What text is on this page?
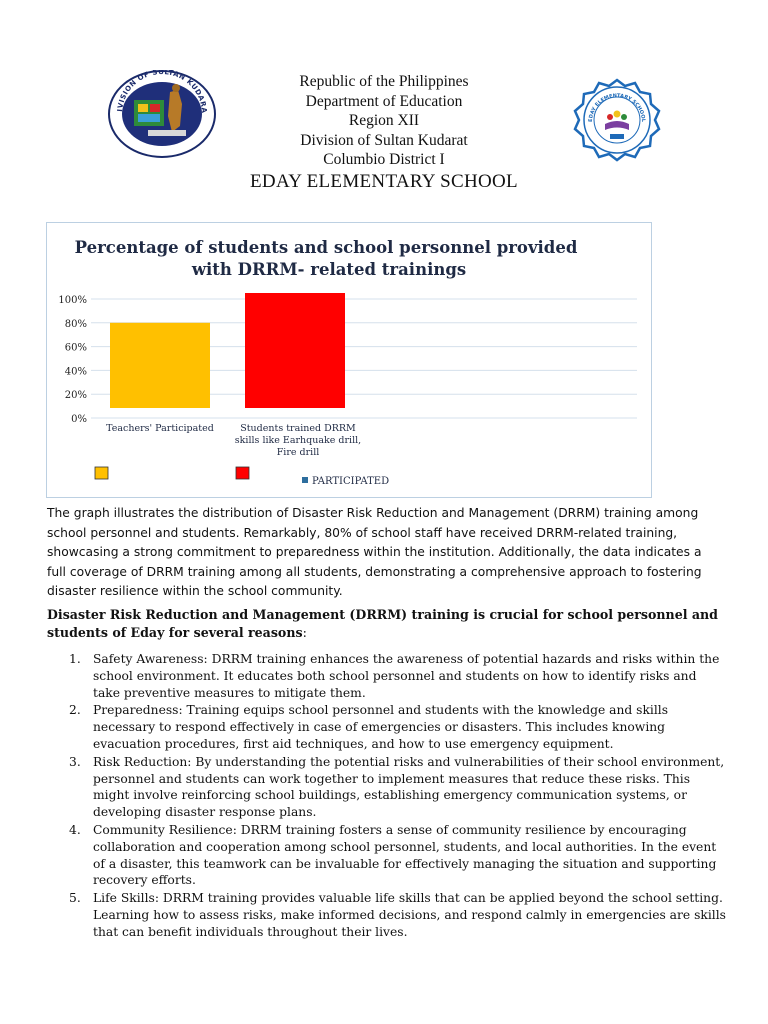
IVISION OF SULTAN KUDARA
EDAY ELEMENTARY SCHOOL
Republic of the Philippines
Department of Education
Region XII
Division of Sultan Kudarat
Columbio District I
EDAY ELEMENTARY SCHOOL
Percentage of students and school personnel provided
with DRRM- related trainings
0%
20%
40%
60%
80%
100%
Teachers' Participated	Students trained DRRM
skills like Earhquake drill,
Fire drill
PARTICIPATED

The graph illustrates the distribution of Disaster Risk Reduction and Management (DRRM) training among school personnel and students. Remarkably, 80% of school staff have received DRRM-related training, showcasing a strong commitment to preparedness within the institution. Additionally, the data indicates a full coverage of DRRM training among all students, demonstrating a comprehensive approach to fostering disaster resilience within the school community.

Disaster Risk Reduction and Management (DRRM) training is crucial for school personnel and students of Eday for several reasons:

1. Safety Awareness: DRRM training enhances the awareness of potential hazards and risks within the school environment. It educates both school personnel and students on how to identify risks and take preventive measures to mitigate them.
2. Preparedness: Training equips school personnel and students with the knowledge and skills necessary to respond effectively in case of emergencies or disasters. This includes knowing evacuation procedures, first aid techniques, and how to use emergency equipment.
3. Risk Reduction: By understanding the potential risks and vulnerabilities of their school environment, personnel and students can work together to implement measures that reduce these risks. This might involve reinforcing school buildings, establishing emergency communication systems, or developing disaster response plans.
4. Community Resilience: DRRM training fosters a sense of community resilience by encouraging collaboration and cooperation among school personnel, students, and local authorities. In the event of a disaster, this teamwork can be invaluable for effectively managing the situation and supporting recovery efforts.
5. Life Skills: DRRM training provides valuable life skills that can be applied beyond the school setting. Learning how to assess risks, make informed decisions, and respond calmly in emergencies are skills that can benefit individuals throughout their lives.
